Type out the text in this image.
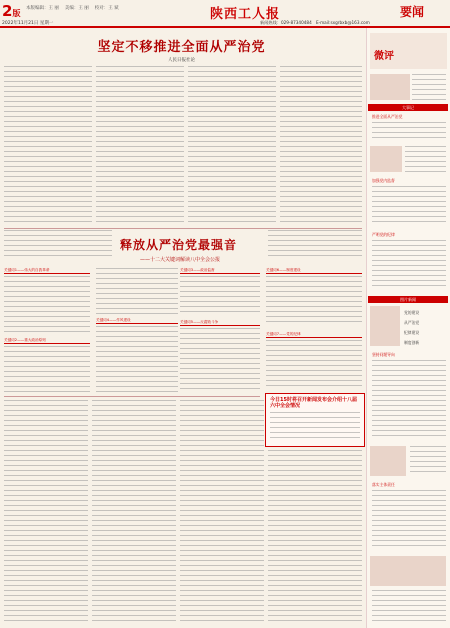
2版
本版编辑：王 丽　 美编：王 丽　 校对：王 斌
2022年11月21日 星期一
陕西工人报	要闻
新闻热线：029-87340484　E-mail:sxgrbxb@163.com
坚定不移推进全面从严治党
人民日报社论
释放从严治党最强音
——十二大关键词解读八中全会公报
关键词1——伟大的自我革命
关键词2——重大政治原则
关键词3——政治监督
关键词4——作风建设	关键词5——反腐败斗争
关键词6——制度建设
关键词7——党的纪律
今日15时将召开新闻发布会介绍十八届六中全会情况
微评
大事记
推进全面从严治党
加强党内监督
严明党的纪律
图片新闻
党的建设
从严治党
纪律建设
制度创新
坚持问题导向
落实主体责任
